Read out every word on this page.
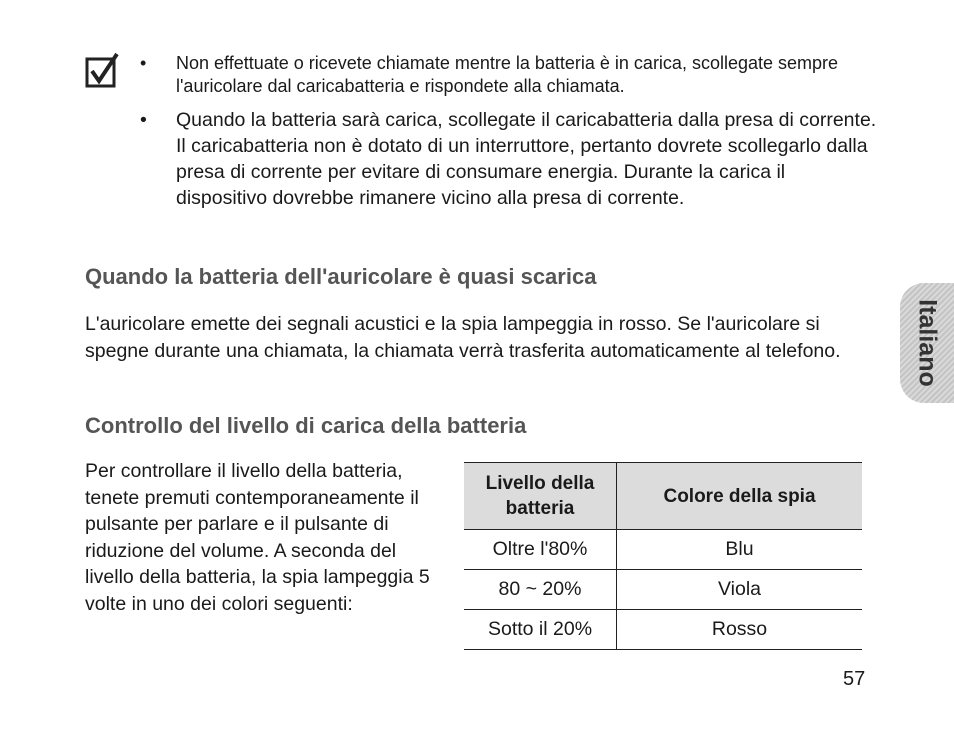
• Non effettuate o ricevete chiamate mentre la batteria è in carica, scollegate sempre l'auricolare dal caricabatteria e rispondete alla chiamata.
• Quando la batteria sarà carica, scollegate il caricabatteria dalla presa di corrente. Il caricabatteria non è dotato di un interruttore, pertanto dovrete scollegarlo dalla presa di corrente per evitare di consumare energia. Durante la carica il dispositivo dovrebbe rimanere vicino alla presa di corrente.
Quando la batteria dell'auricolare è quasi scarica

L'auricolare emette dei segnali acustici e la spia lampeggia in rosso. Se l'auricolare si spegne durante una chiamata, la chiamata verrà trasferita automaticamente al telefono.

Controllo del livello di carica della batteria

Per controllare il livello della batteria, tenete premuti contemporaneamente il pulsante per parlare e il pulsante di riduzione del volume. A seconda del livello della batteria, la spia lampeggia 5 volte in uno dei colori seguenti:

Livello della batteria	Colore della spia
Oltre l'80%	Blu
80 ~ 20%	Viola
Sotto il 20%	Rosso
Italiano
57
